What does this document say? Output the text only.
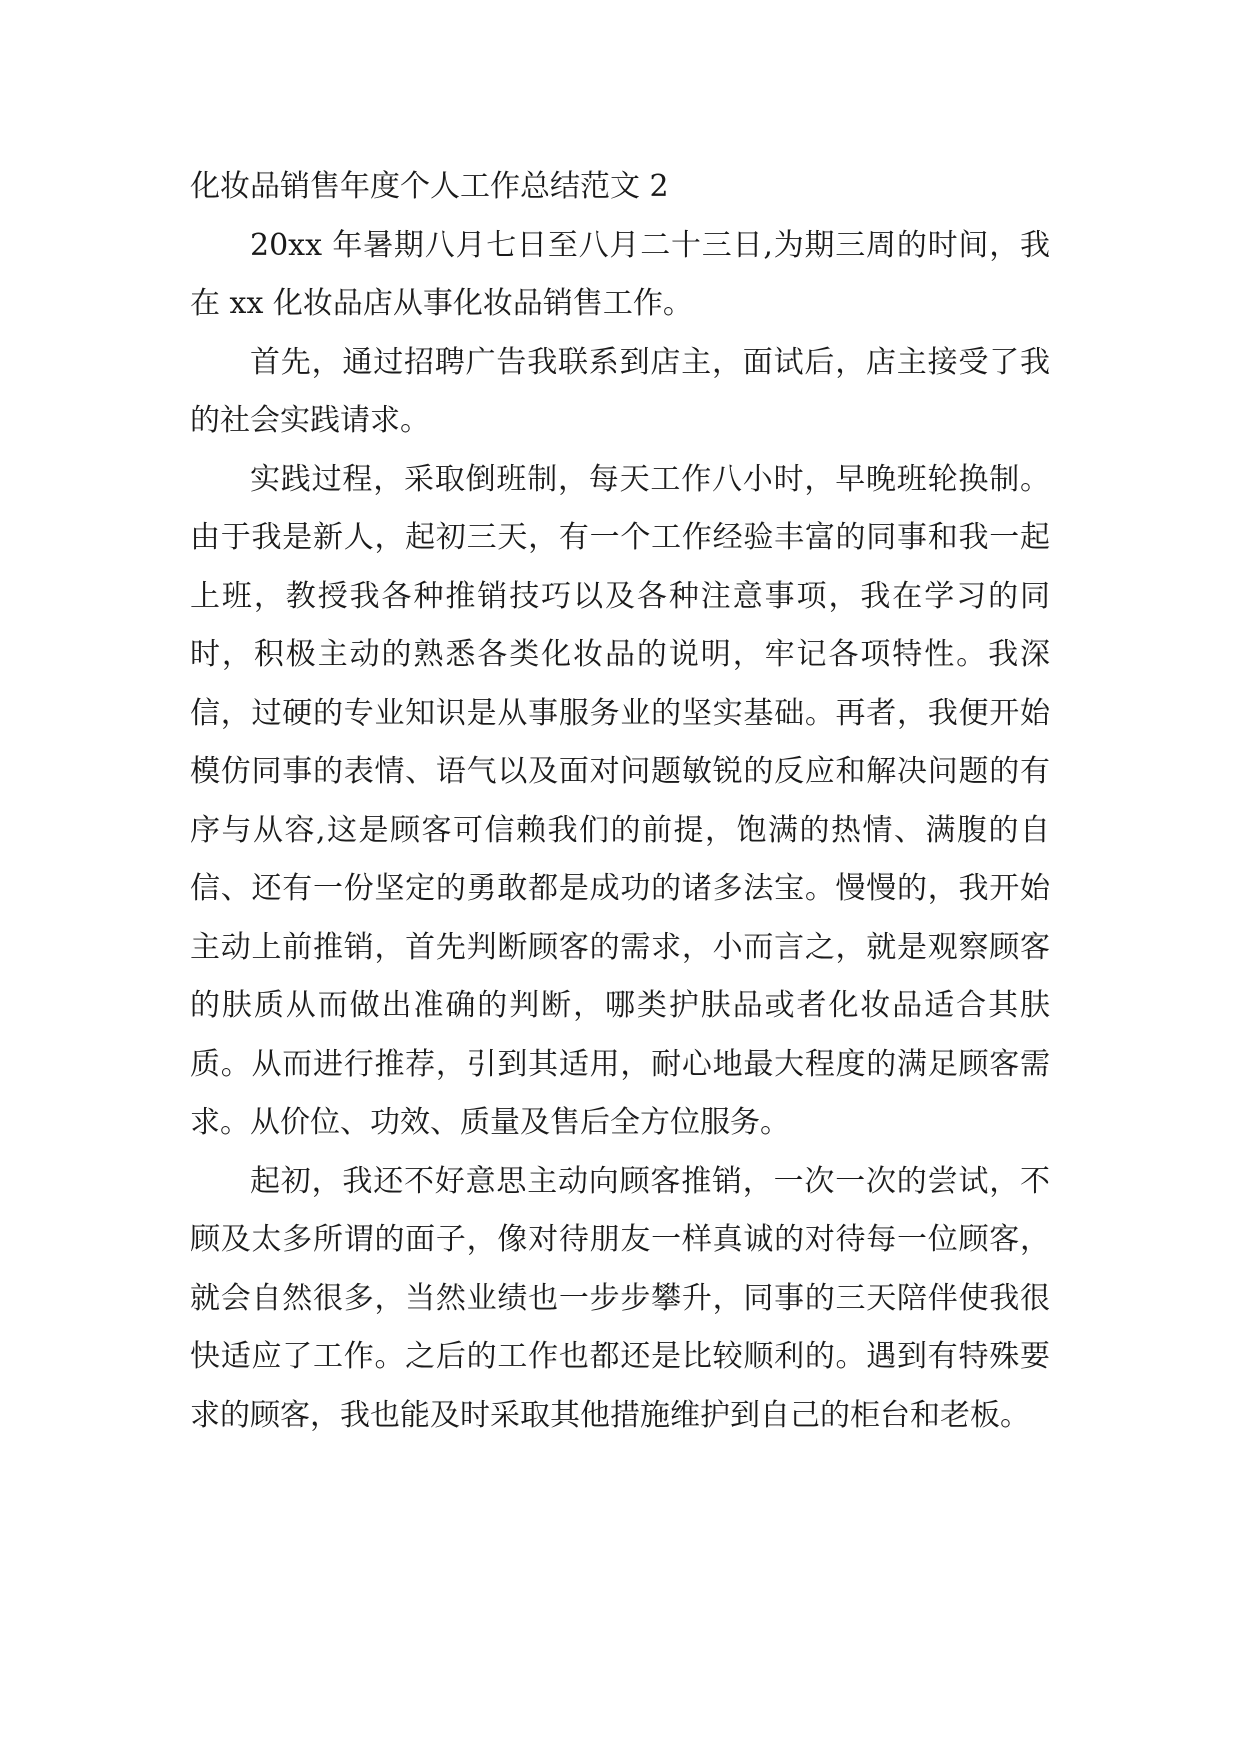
化妆品销售年度个人工作总结范文 2

20xx 年暑期八月七日至八月二十三日,为期三周的时间，我在 xx 化妆品店从事化妆品销售工作。

首先，通过招聘广告我联系到店主，面试后，店主接受了我的社会实践请求。

实践过程，采取倒班制，每天工作八小时，早晚班轮换制。由于我是新人，起初三天，有一个工作经验丰富的同事和我一起上班，教授我各种推销技巧以及各种注意事项，我在学习的同时，积极主动的熟悉各类化妆品的说明，牢记各项特性。我深信，过硬的专业知识是从事服务业的坚实基础。再者，我便开始模仿同事的表情、语气以及面对问题敏锐的反应和解决问题的有序与从容,这是顾客可信赖我们的前提，饱满的热情、满腹的自信、还有一份坚定的勇敢都是成功的诸多法宝。慢慢的，我开始主动上前推销，首先判断顾客的需求，小而言之，就是观察顾客的肤质从而做出准确的判断，哪类护肤品或者化妆品适合其肤质。从而进行推荐，引到其适用，耐心地最大程度的满足顾客需求。从价位、功效、质量及售后全方位服务。

起初，我还不好意思主动向顾客推销，一次一次的尝试，不顾及太多所谓的面子，像对待朋友一样真诚的对待每一位顾客，就会自然很多，当然业绩也一步步攀升，同事的三天陪伴使我很快适应了工作。之后的工作也都还是比较顺利的。遇到有特殊要求的顾客，我也能及时采取其他措施维护到自己的柜台和老板。
